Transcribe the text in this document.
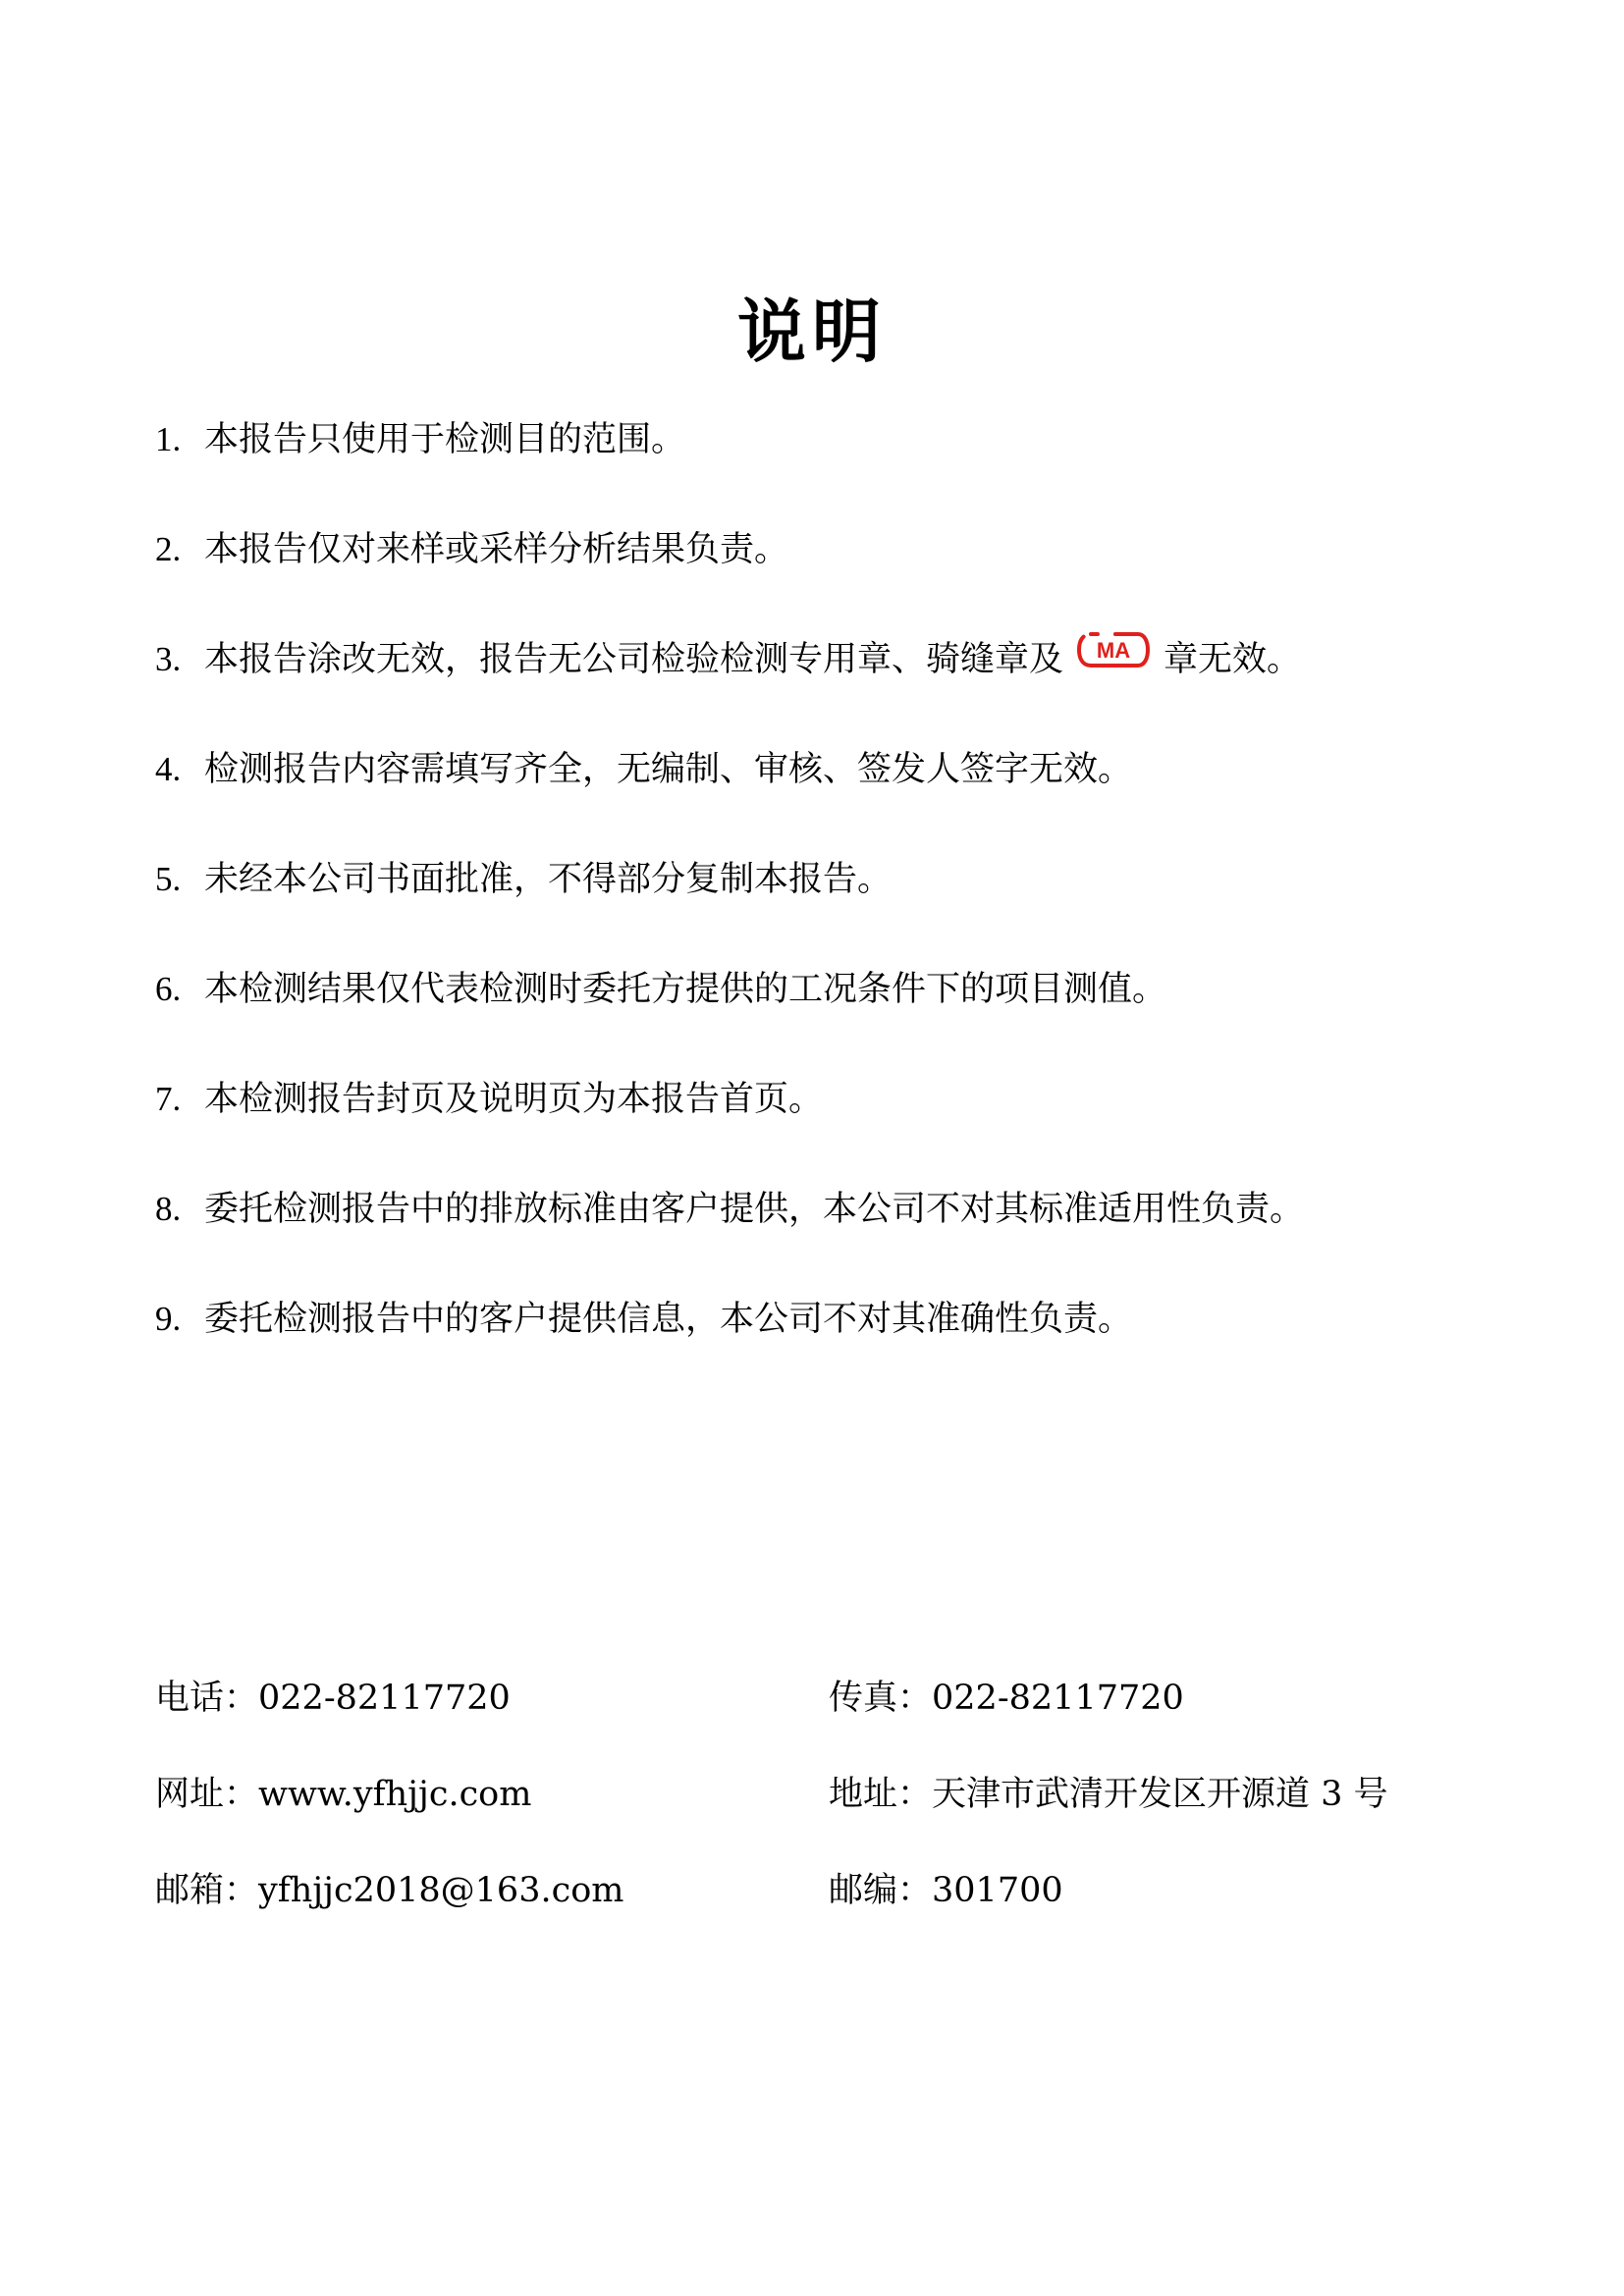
说明
1. 本报告只使用于检测目的范围。
2. 本报告仅对来样或采样分析结果负责。
3. 本报告涂改无效，报告无公司检验检测专用章、骑缝章及 MA 章无效。
4. 检测报告内容需填写齐全，无编制、审核、签发人签字无效。
5. 未经本公司书面批准，不得部分复制本报告。
6. 本检测结果仅代表检测时委托方提供的工况条件下的项目测值。
7. 本检测报告封页及说明页为本报告首页。
8. 委托检测报告中的排放标准由客户提供，本公司不对其标准适用性负责。
9. 委托检测报告中的客户提供信息，本公司不对其准确性负责。
电话：022-82117720	传真：022-82117720
网址：www.yfhjjc.com	地址：天津市武清开发区开源道 3 号
邮箱：yfhjjc2018@163.com	邮编：301700
